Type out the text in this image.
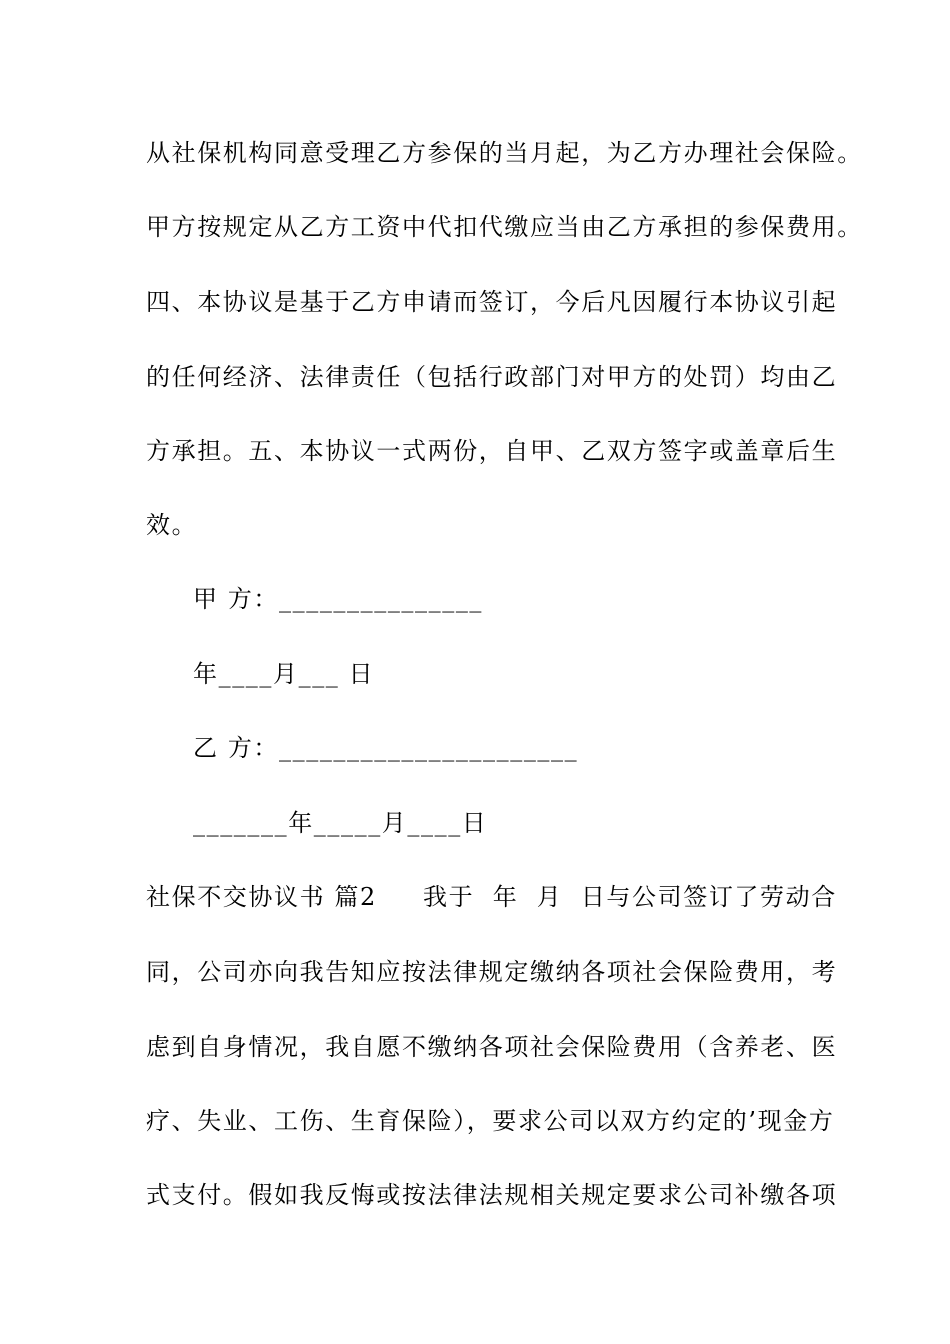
从社保机构同意受理乙方参保的当月起，为乙方办理社会保险。
甲方按规定从乙方工资中代扣代缴应当由乙方承担的参保费用。
四、本协议是基于乙方申请而签订，今后凡因履行本协议引起
的任何经济、法律责任（包括行政部门对甲方的处罚）均由乙
方承担。五、本协议一式两份，自甲、乙双方签字或盖章后生
效。
甲 方：_______________
年____月___ 日
乙 方：______________________
_______年_____月____日
社保不交协议书 篇2     我于  年  月  日与公司签订了劳动合
同，公司亦向我告知应按法律规定缴纳各项社会保险费用，考
虑到自身情况，我自愿不缴纳各项社会保险费用（含养老、医
疗、失业、工伤、生育保险），要求公司以双方约定的’现金方
式支付。假如我反悔或按法律法规相关规定要求公司补缴各项
